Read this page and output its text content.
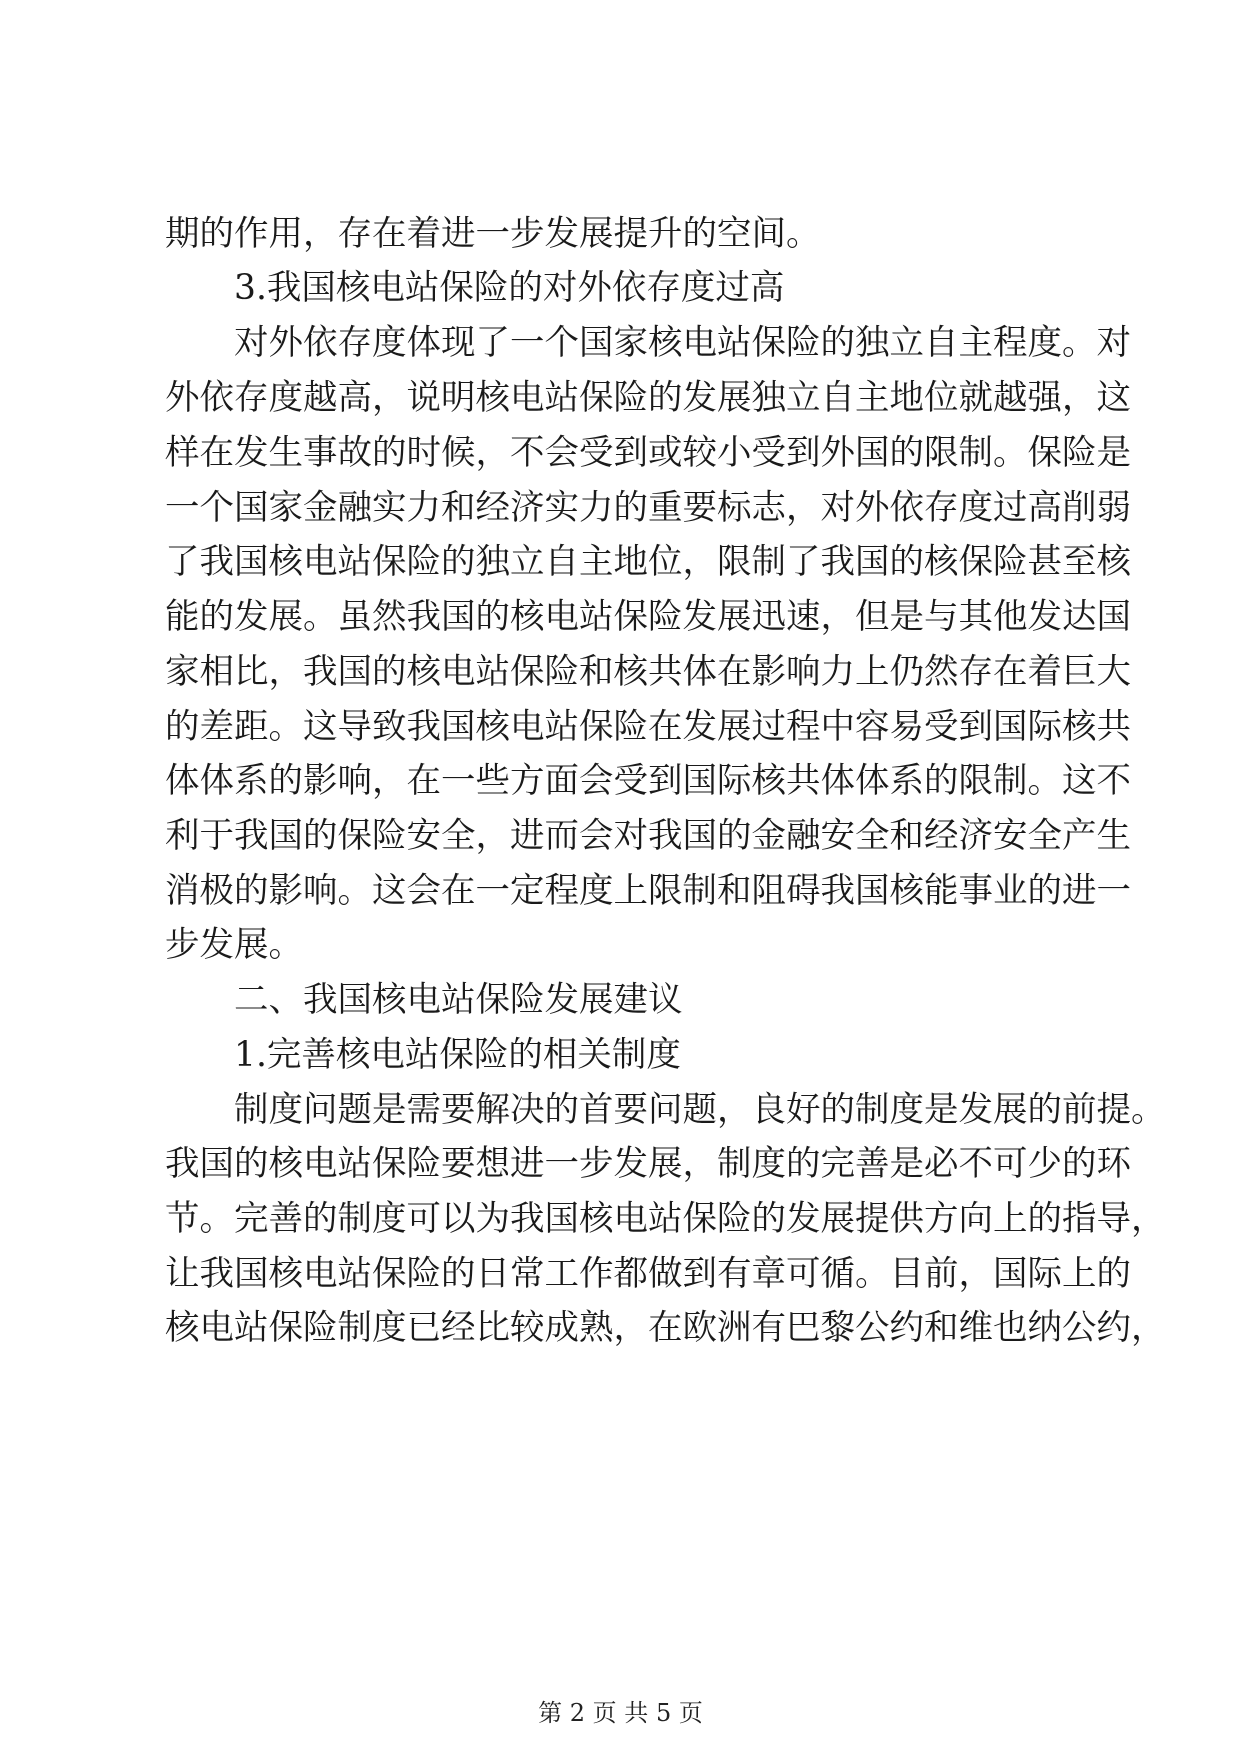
期的作用，存在着进一步发展提升的空间。
3.我国核电站保险的对外依存度过高
对外依存度体现了一个国家核电站保险的独立自主程度。对
外依存度越高，说明核电站保险的发展独立自主地位就越强，这
样在发生事故的时候，不会受到或较小受到外国的限制。保险是
一个国家金融实力和经济实力的重要标志，对外依存度过高削弱
了我国核电站保险的独立自主地位，限制了我国的核保险甚至核
能的发展。虽然我国的核电站保险发展迅速，但是与其他发达国
家相比，我国的核电站保险和核共体在影响力上仍然存在着巨大
的差距。这导致我国核电站保险在发展过程中容易受到国际核共
体体系的影响，在一些方面会受到国际核共体体系的限制。这不
利于我国的保险安全，进而会对我国的金融安全和经济安全产生
消极的影响。这会在一定程度上限制和阻碍我国核能事业的进一
步发展。
二、我国核电站保险发展建议
1.完善核电站保险的相关制度
制度问题是需要解决的首要问题，良好的制度是发展的前提。
我国的核电站保险要想进一步发展，制度的完善是必不可少的环
节。完善的制度可以为我国核电站保险的发展提供方向上的指导，
让我国核电站保险的日常工作都做到有章可循。目前，国际上的
核电站保险制度已经比较成熟，在欧洲有巴黎公约和维也纳公约，
第 2 页 共 5 页
